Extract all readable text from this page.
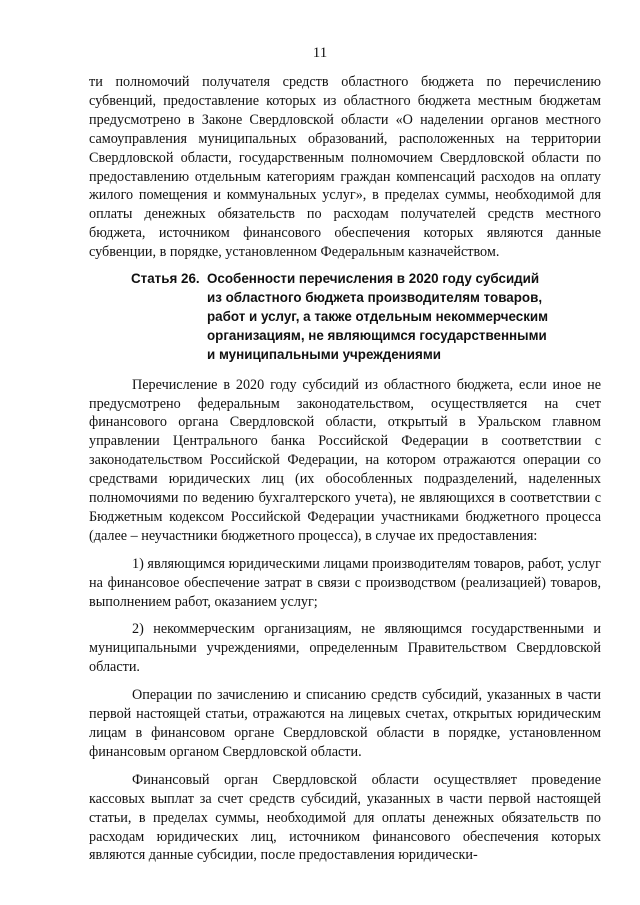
11

ти полномочий получателя средств областного бюджета по перечислению субвенций, предоставление которых из областного бюджета местным бюджетам предусмотрено в Законе Свердловской области «О наделении органов местного самоуправления муниципальных образований, расположенных на территории Свердловской области, государственным полномочием Свердловской области по предоставлению отдельным категориям граждан компенсаций расходов на оплату жилого помещения и коммунальных услуг», в пределах суммы, необходимой для оплаты денежных обязательств по расходам получателей средств местного бюджета, источником финансового обеспечения которых являются данные субвенции, в порядке, установленном Федеральным казначейством.

Статья 26. Особенности перечисления в 2020 году субсидий
из областного бюджета производителям товаров,
работ и услуг, а также отдельным некоммерческим
организациям, не являющимся государственными
и муниципальными учреждениями

Перечисление в 2020 году субсидий из областного бюджета, если иное не предусмотрено федеральным законодательством, осуществляется на счет финансового органа Свердловской области, открытый в Уральском главном управлении Центрального банка Российской Федерации в соответствии с законодательством Российской Федерации, на котором отражаются операции со средствами юридических лиц (их обособленных подразделений, наделенных полномочиями по ведению бухгалтерского учета), не являющихся в соответствии с Бюджетным кодексом Российской Федерации участниками бюджетного процесса (далее – неучастники бюджетного процесса), в случае их предоставления:

1) являющимся юридическими лицами производителям товаров, работ, услуг на финансовое обеспечение затрат в связи с производством (реализацией) товаров, выполнением работ, оказанием услуг;

2) некоммерческим организациям, не являющимся государственными и муниципальными учреждениями, определенным Правительством Свердловской области.

Операции по зачислению и списанию средств субсидий, указанных в части первой настоящей статьи, отражаются на лицевых счетах, открытых юридическим лицам в финансовом органе Свердловской области в порядке, установленном финансовым органом Свердловской области.

Финансовый орган Свердловской области осуществляет проведение кассовых выплат за счет средств субсидий, указанных в части первой настоящей статьи, в пределах суммы, необходимой для оплаты денежных обязательств по расходам юридических лиц, источником финансового обеспечения которых являются данные субсидии, после предоставления юридически-
